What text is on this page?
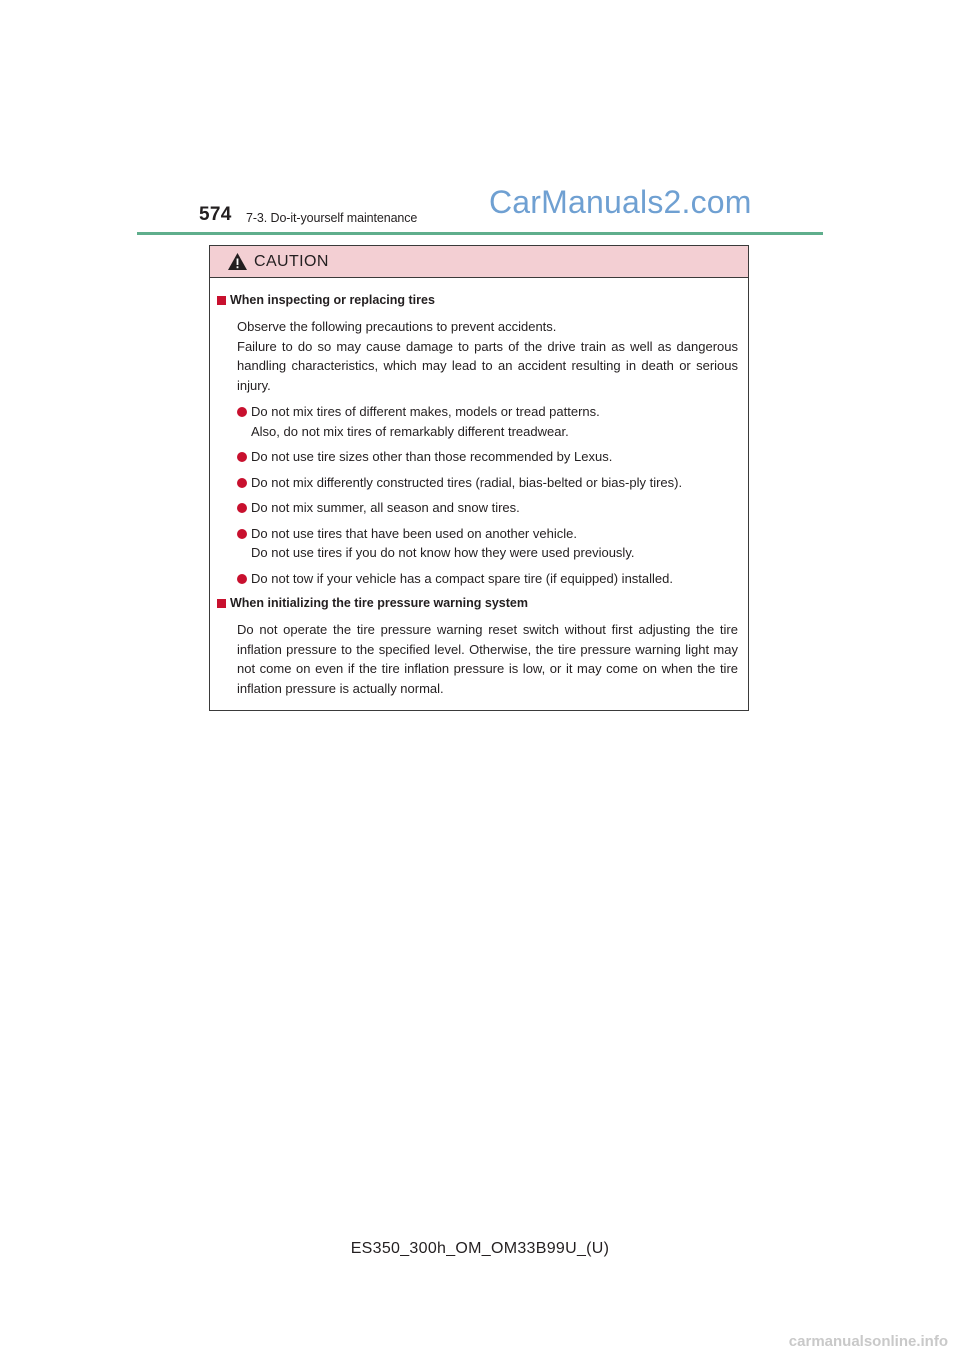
574 7-3. Do-it-yourself maintenance CarManuals2.com
CAUTION
When inspecting or replacing tires

Observe the following precautions to prevent accidents.

Failure to do so may cause damage to parts of the drive train as well as dangerous handling characteristics, which may lead to an accident resulting in death or serious injury.

Do not mix tires of different makes, models or tread patterns.
Also, do not mix tires of remarkably different treadwear.
Do not use tire sizes other than those recommended by Lexus.
Do not mix differently constructed tires (radial, bias-belted or bias-ply tires).
Do not mix summer, all season and snow tires.
Do not use tires that have been used on another vehicle.
Do not use tires if you do not know how they were used previously.
Do not tow if your vehicle has a compact spare tire (if equipped) installed.
When initializing the tire pressure warning system

Do not operate the tire pressure warning reset switch without first adjusting the tire inflation pressure to the specified level. Otherwise, the tire pressure warning light may not come on even if the tire inflation pressure is low, or it may come on when the tire inflation pressure is actually normal.

ES350_300h_OM_OM33B99U_(U)
carmanualsonline.info
